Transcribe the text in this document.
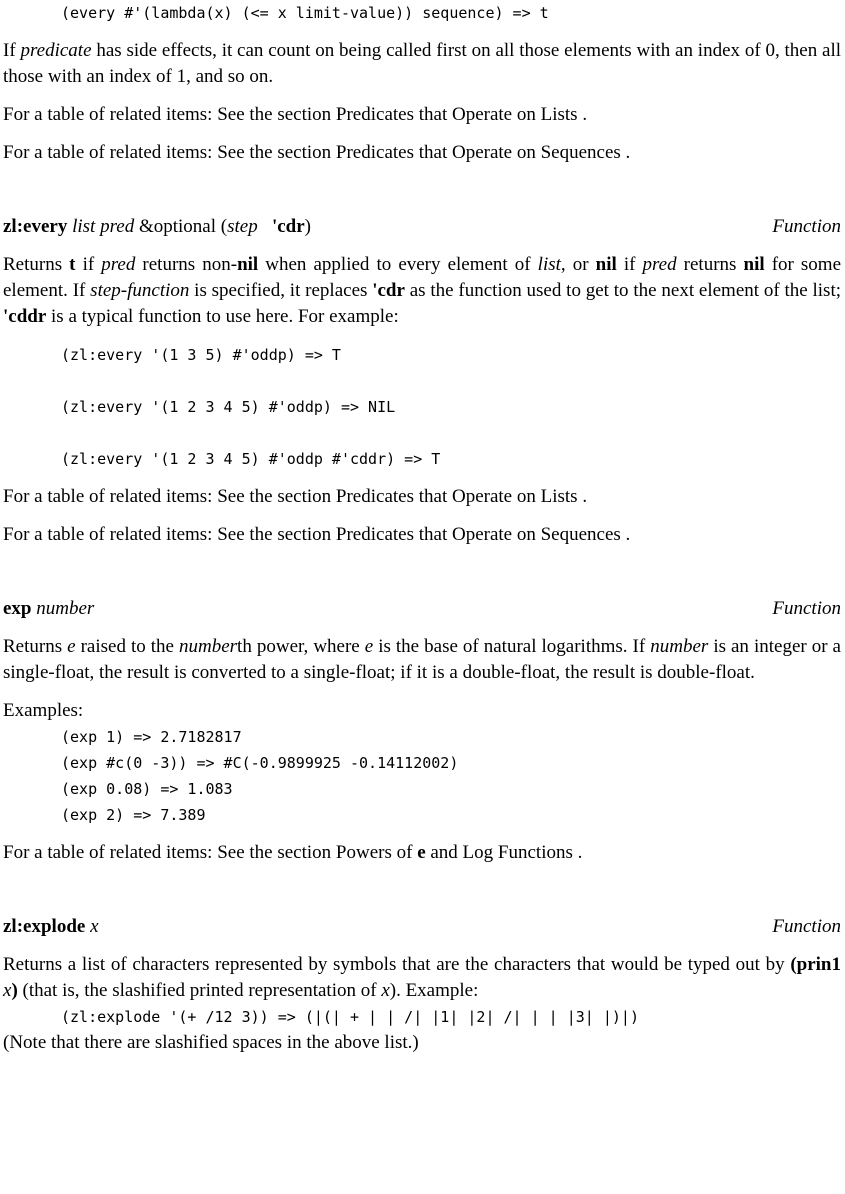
(every #'(lambda(x) (<= x limit-value)) sequence) => t

If predicate has side effects, it can count on being called first on all those elements with an index of 0, then all those with an index of 1, and so on.

For a table of related items: See the section Predicates that Operate on Lists .

For a table of related items: See the section Predicates that Operate on Sequences .

zl:every list pred &optional (step 'cdr)	Function

Returns t if pred returns non-nil when applied to every element of list, or nil if pred returns nil for some element. If step-function is specified, it replaces 'cdr as the function used to get to the next element of the list; 'cddr is a typical function to use here. For example:

(zl:every '(1 3 5) #'oddp) => T
(zl:every '(1 2 3 4 5) #'oddp) => NIL
(zl:every '(1 2 3 4 5) #'oddp #'cddr) => T

For a table of related items: See the section Predicates that Operate on Lists .

For a table of related items: See the section Predicates that Operate on Sequences .

exp number	Function

Returns e raised to the numberth power, where e is the base of natural logarithms. If number is an integer or a single-float, the result is converted to a single-float; if it is a double-float, the result is double-float.

Examples:

(exp 1) => 2.7182817
(exp #c(0 -3)) => #C(-0.9899925 -0.14112002)
(exp 0.08) => 1.083
(exp 2) => 7.389

For a table of related items: See the section Powers of e and Log Functions .

zl:explode x	Function

Returns a list of characters represented by symbols that are the characters that would be typed out by (prin1 x) (that is, the slashified printed representation of x). Example:

(zl:explode '(+ /12 3)) => (|(| + | | /| |1| |2| /| | | |3| |)|)

(Note that there are slashified spaces in the above list.)
